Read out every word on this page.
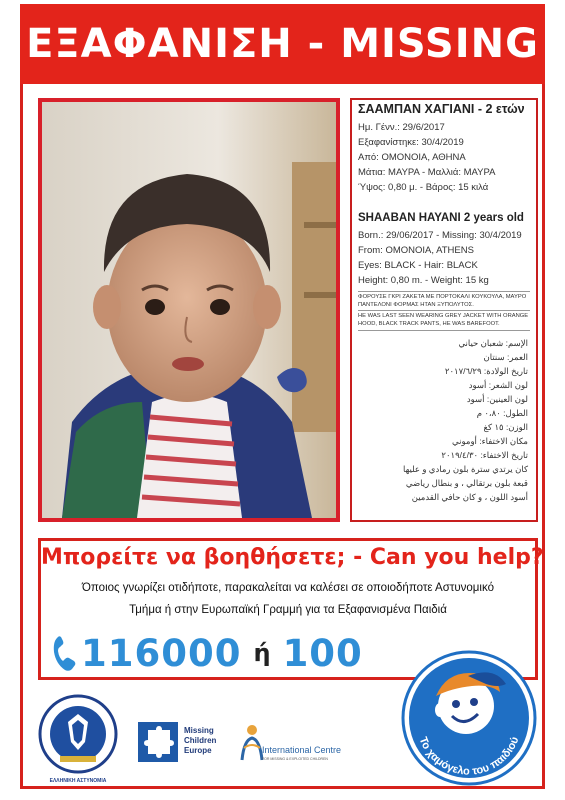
ΕΞΑΦΑΝΙΣΗ - MISSING
ΣΑΑΜΠΑΝ ΧΑΓΙΑΝΙ - 2 ετών
Ημ. Γένν.: 29/6/2017
Εξαφανίστηκε: 30/4/2019
Από: ΟΜΟΝΟΙΑ, ΑΘΗΝΑ
Μάτια: ΜΑΥΡΑ - Μαλλιά: ΜΑΥΡΑ
Ύψος: 0,80 μ. - Βάρος: 15 κιλά
SHAABAN HAYANI 2 years old
Born.: 29/06/2017 - Missing: 30/4/2019
From: OMONOIA, ATHENS
Eyes: BLACK - Hair: BLACK
Height: 0,80 m. - Weight: 15 kg
ΦΟΡΟΥΣΕ ΓΚΡΙ ΖΑΚΕΤΑ ΜΕ ΠΟΡΤΟΚΑΛΙ ΚΟΥΚΟΥΛΑ, ΜΑΥΡΟ ΠΑΝΤΕΛΟΝΙ ΦΟΡΜΑΣ ΗΤΑΝ ΞΥΠΟΛΥΤΟΣ.
HE WAS LAST SEEN WEARING GREY JACKET WITH ORANGE HOOD, BLACK TRACK PANTS, HE WAS BAREFOOT.
الإسم: شعبان حياني
العمر: سنتان
تاريخ الولادة: ٢٠١٧/٦/٢٩
لون الشعر: أسود
لون العينين: أسود
الطول: ٠،٨٠ م
الوزن: ١٥ كغ
مكان الاختفاء: أوموني
تاريخ الاختفاء: ٢٠١٩/٤/٣٠
كان يرتدي سترة بلون رمادي و عليها
قبعة بلون برتقالي ، و بنطال رياضي
أسود اللون ، و كان حافي القدمين
Μπορείτε να βοηθήσετε; - Can you help?
Όποιος γνωρίζει οτιδήποτε, παρακαλείται να καλέσει σε οποιοδήποτε Αστυνομικό
Τμήμα ή στην Ευρωπαϊκή Γραμμή για τα Εξαφανισμένα Παιδιά
116000 ή 100
ΕΛΛΗΝΙΚΗ ΑΣΤΥΝΟΜΙΑ
Missing
Children
Europe	International Centre
FOR MISSING & EXPLOITED CHILDREN
Το χαμόγελο του παιδιού
